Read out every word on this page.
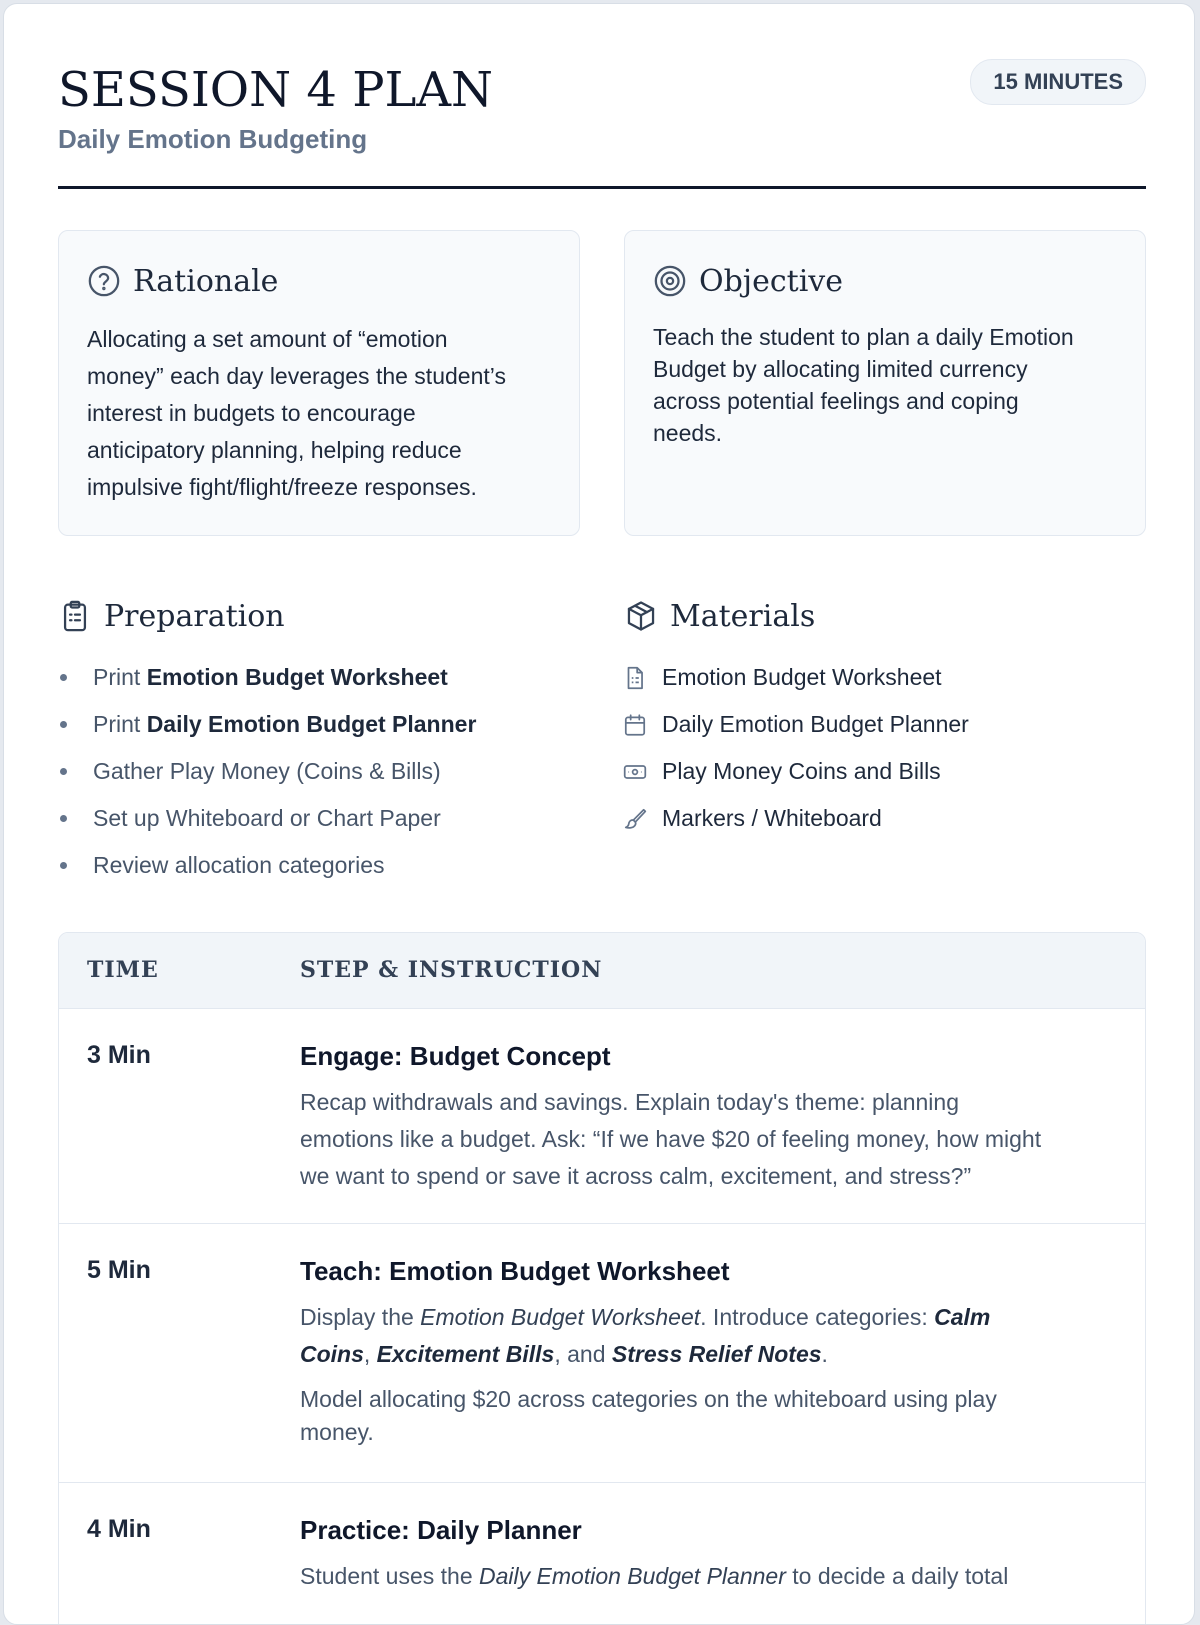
SESSION 4 PLAN
Daily Emotion Budgeting
15 MINUTES
Rationale
Allocating a set amount of “emotion
money” each day leverages the student’s
interest in budgets to encourage
anticipatory planning, helping reduce
impulsive fight/flight/freeze responses.
Objective
Teach the student to plan a daily Emotion
Budget by allocating limited currency
across potential feelings and coping
needs.
Preparation
Print Emotion Budget Worksheet
Print Daily Emotion Budget Planner
Gather Play Money (Coins & Bills)
Set up Whiteboard or Chart Paper
Review allocation categories
Materials
Emotion Budget Worksheet
Daily Emotion Budget Planner
Play Money Coins and Bills
Markers / Whiteboard
TIME	STEP & INSTRUCTION
3 Min	Engage: Budget Concept
Recap withdrawals and savings. Explain today's theme: planning
emotions like a budget. Ask: “If we have $20 of feeling money, how might
we want to spend or save it across calm, excitement, and stress?”
5 Min	Teach: Emotion Budget Worksheet
Display the Emotion Budget Worksheet. Introduce categories: Calm
Coins, Excitement Bills, and Stress Relief Notes.
Model allocating $20 across categories on the whiteboard using play
money.
4 Min	Practice: Daily Planner
Student uses the Daily Emotion Budget Planner to decide a daily total
